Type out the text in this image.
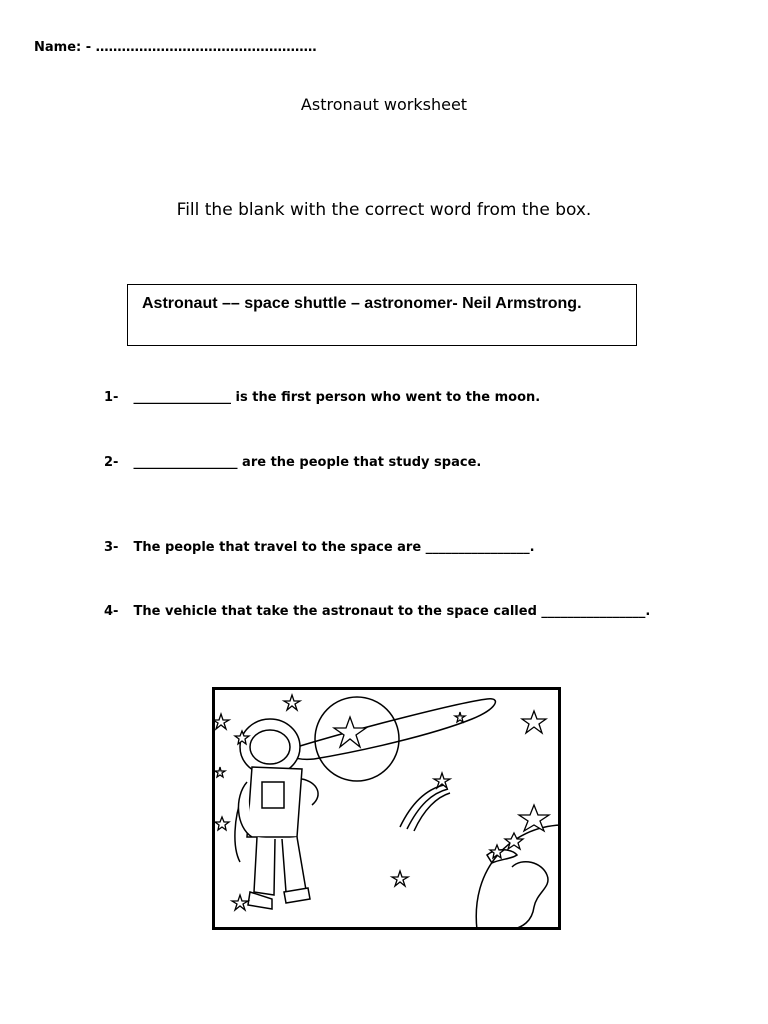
Name: - ……………………………………………
Astronaut worksheet
Fill the blank with the correct word from the box.
Astronaut –– space shuttle – astronomer- Neil Armstrong.
1- _______________ is the first person who went to the moon.
2- ________________ are the people that study space.
3- The people that travel to the space are ________________.
4- The vehicle that take the astronaut to the space called ________________.
